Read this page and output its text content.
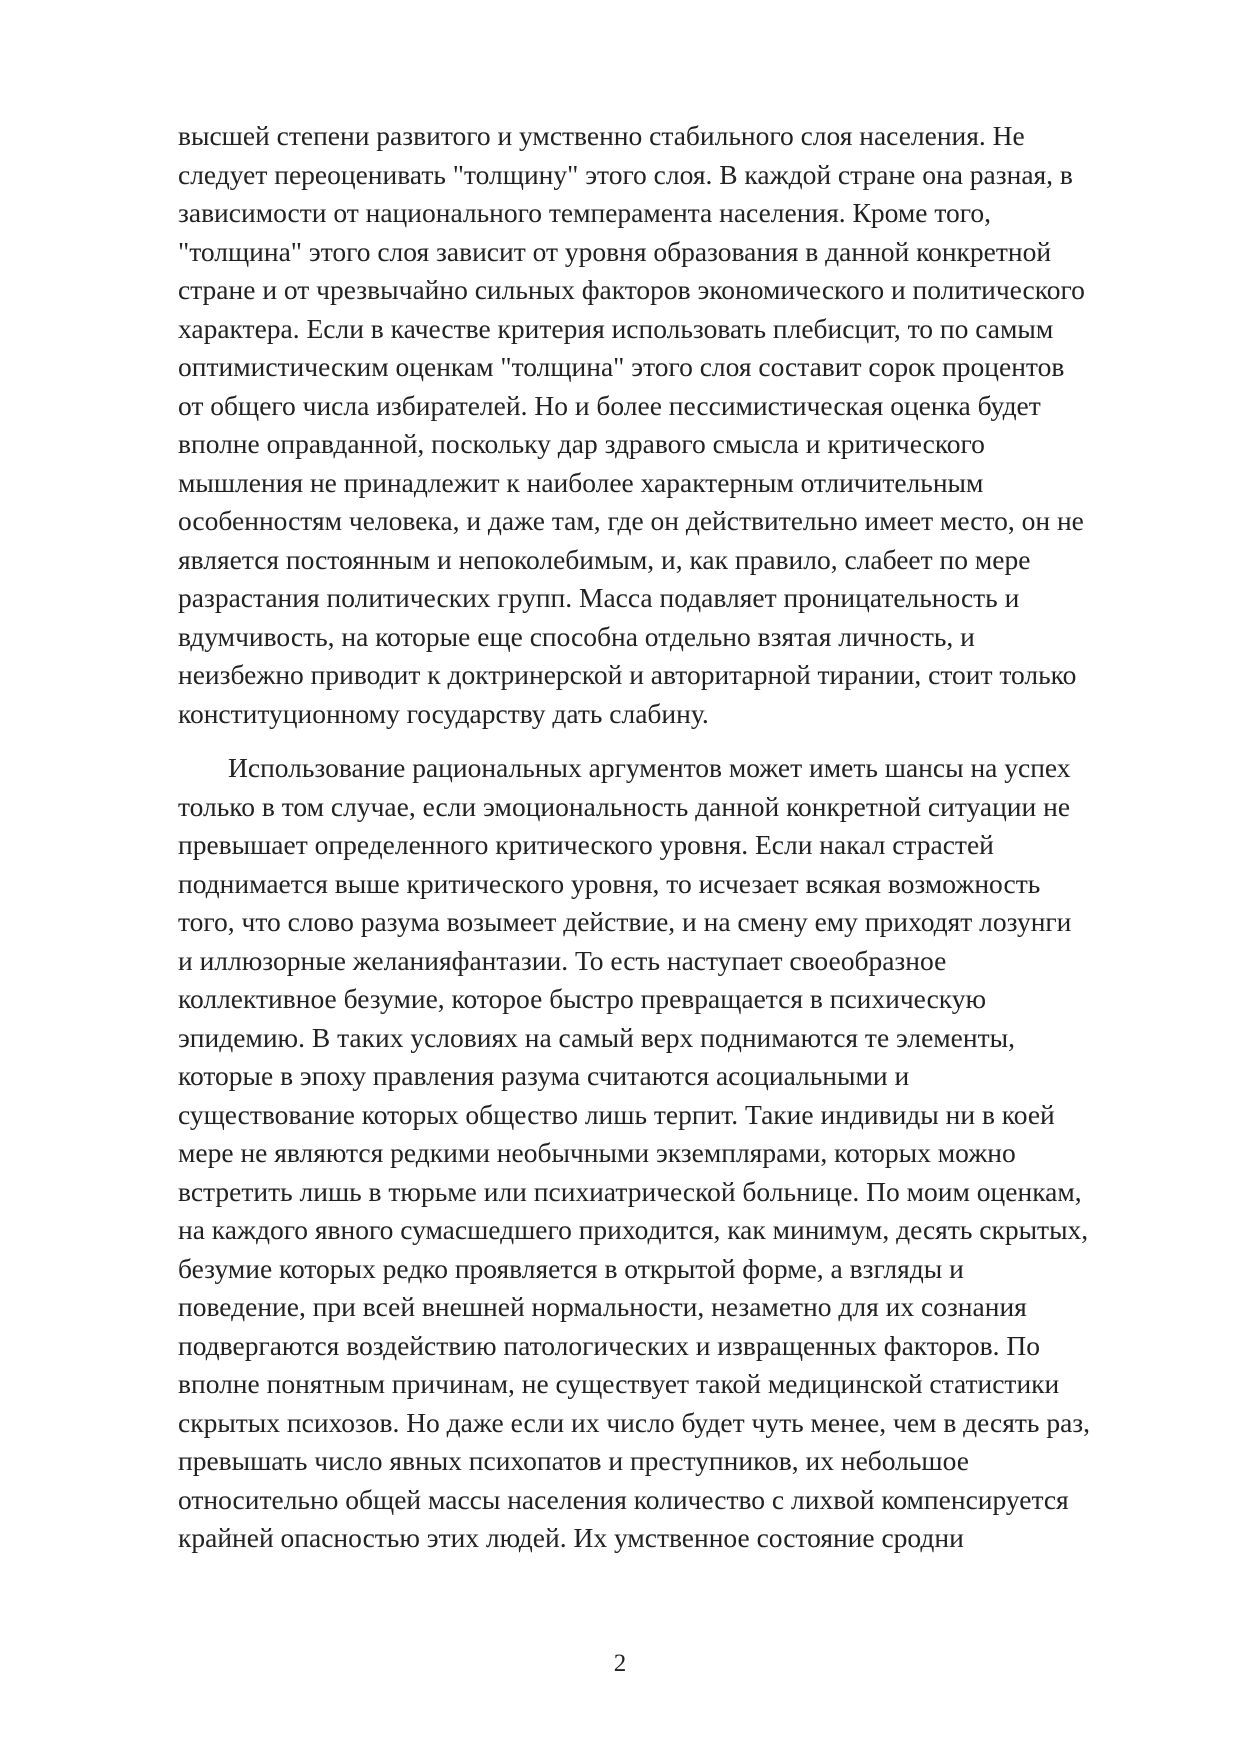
высшей степени развитого и умственно стабильного слоя населения. Не
следует переоценивать "толщину" этого слоя. В каждой стране она разная, в
зависимости от национального темперамента населения. Кроме того,
"толщина" этого слоя зависит от уровня образования в данной конкретной
стране и от чрезвычайно сильных факторов экономического и политического
характера. Если в качестве критерия использовать плебисцит, то по самым
оптимистическим оценкам "толщина" этого слоя составит сорок процентов
от общего числа избирателей. Но и более пессимистическая оценка будет
вполне оправданной, поскольку дар здравого смысла и критического
мышления не принадлежит к наиболее характерным отличительным
особенностям человека, и даже там, где он действительно имеет место, он не
является постоянным и непоколебимым, и, как правило, слабеет по мере
разрастания политических групп. Масса подавляет проницательность и
вдумчивость, на которые еще способна отдельно взятая личность, и
неизбежно приводит к доктринерской и авторитарной тирании, стоит только
конституционному государству дать слабину.
Использование рациональных аргументов может иметь шансы на успех
только в том случае, если эмоциональность данной конкретной ситуации не
превышает определенного критического уровня. Если накал страстей
поднимается выше критического уровня, то исчезает всякая возможность
того, что слово разума возымеет действие, и на смену ему приходят лозунги
и иллюзорные желанияфантазии. То есть наступает своеобразное
коллективное безумие, которое быстро превращается в психическую
эпидемию. В таких условиях на самый верх поднимаются те элементы,
которые в эпоху правления разума считаются асоциальными и
существование которых общество лишь терпит. Такие индивиды ни в коей
мере не являются редкими необычными экземплярами, которых можно
встретить лишь в тюрьме или психиатрической больнице. По моим оценкам,
на каждого явного сумасшедшего приходится, как минимум, десять скрытых,
безумие которых редко проявляется в открытой форме, а взгляды и
поведение, при всей внешней нормальности, незаметно для их сознания
подвергаются воздействию патологических и извращенных факторов. По
вполне понятным причинам, не существует такой медицинской статистики
скрытых психозов. Но даже если их число будет чуть менее, чем в десять раз,
превышать число явных психопатов и преступников, их небольшое
относительно общей массы населения количество с лихвой компенсируется
крайней опасностью этих людей. Их умственное состояние сродни
2
